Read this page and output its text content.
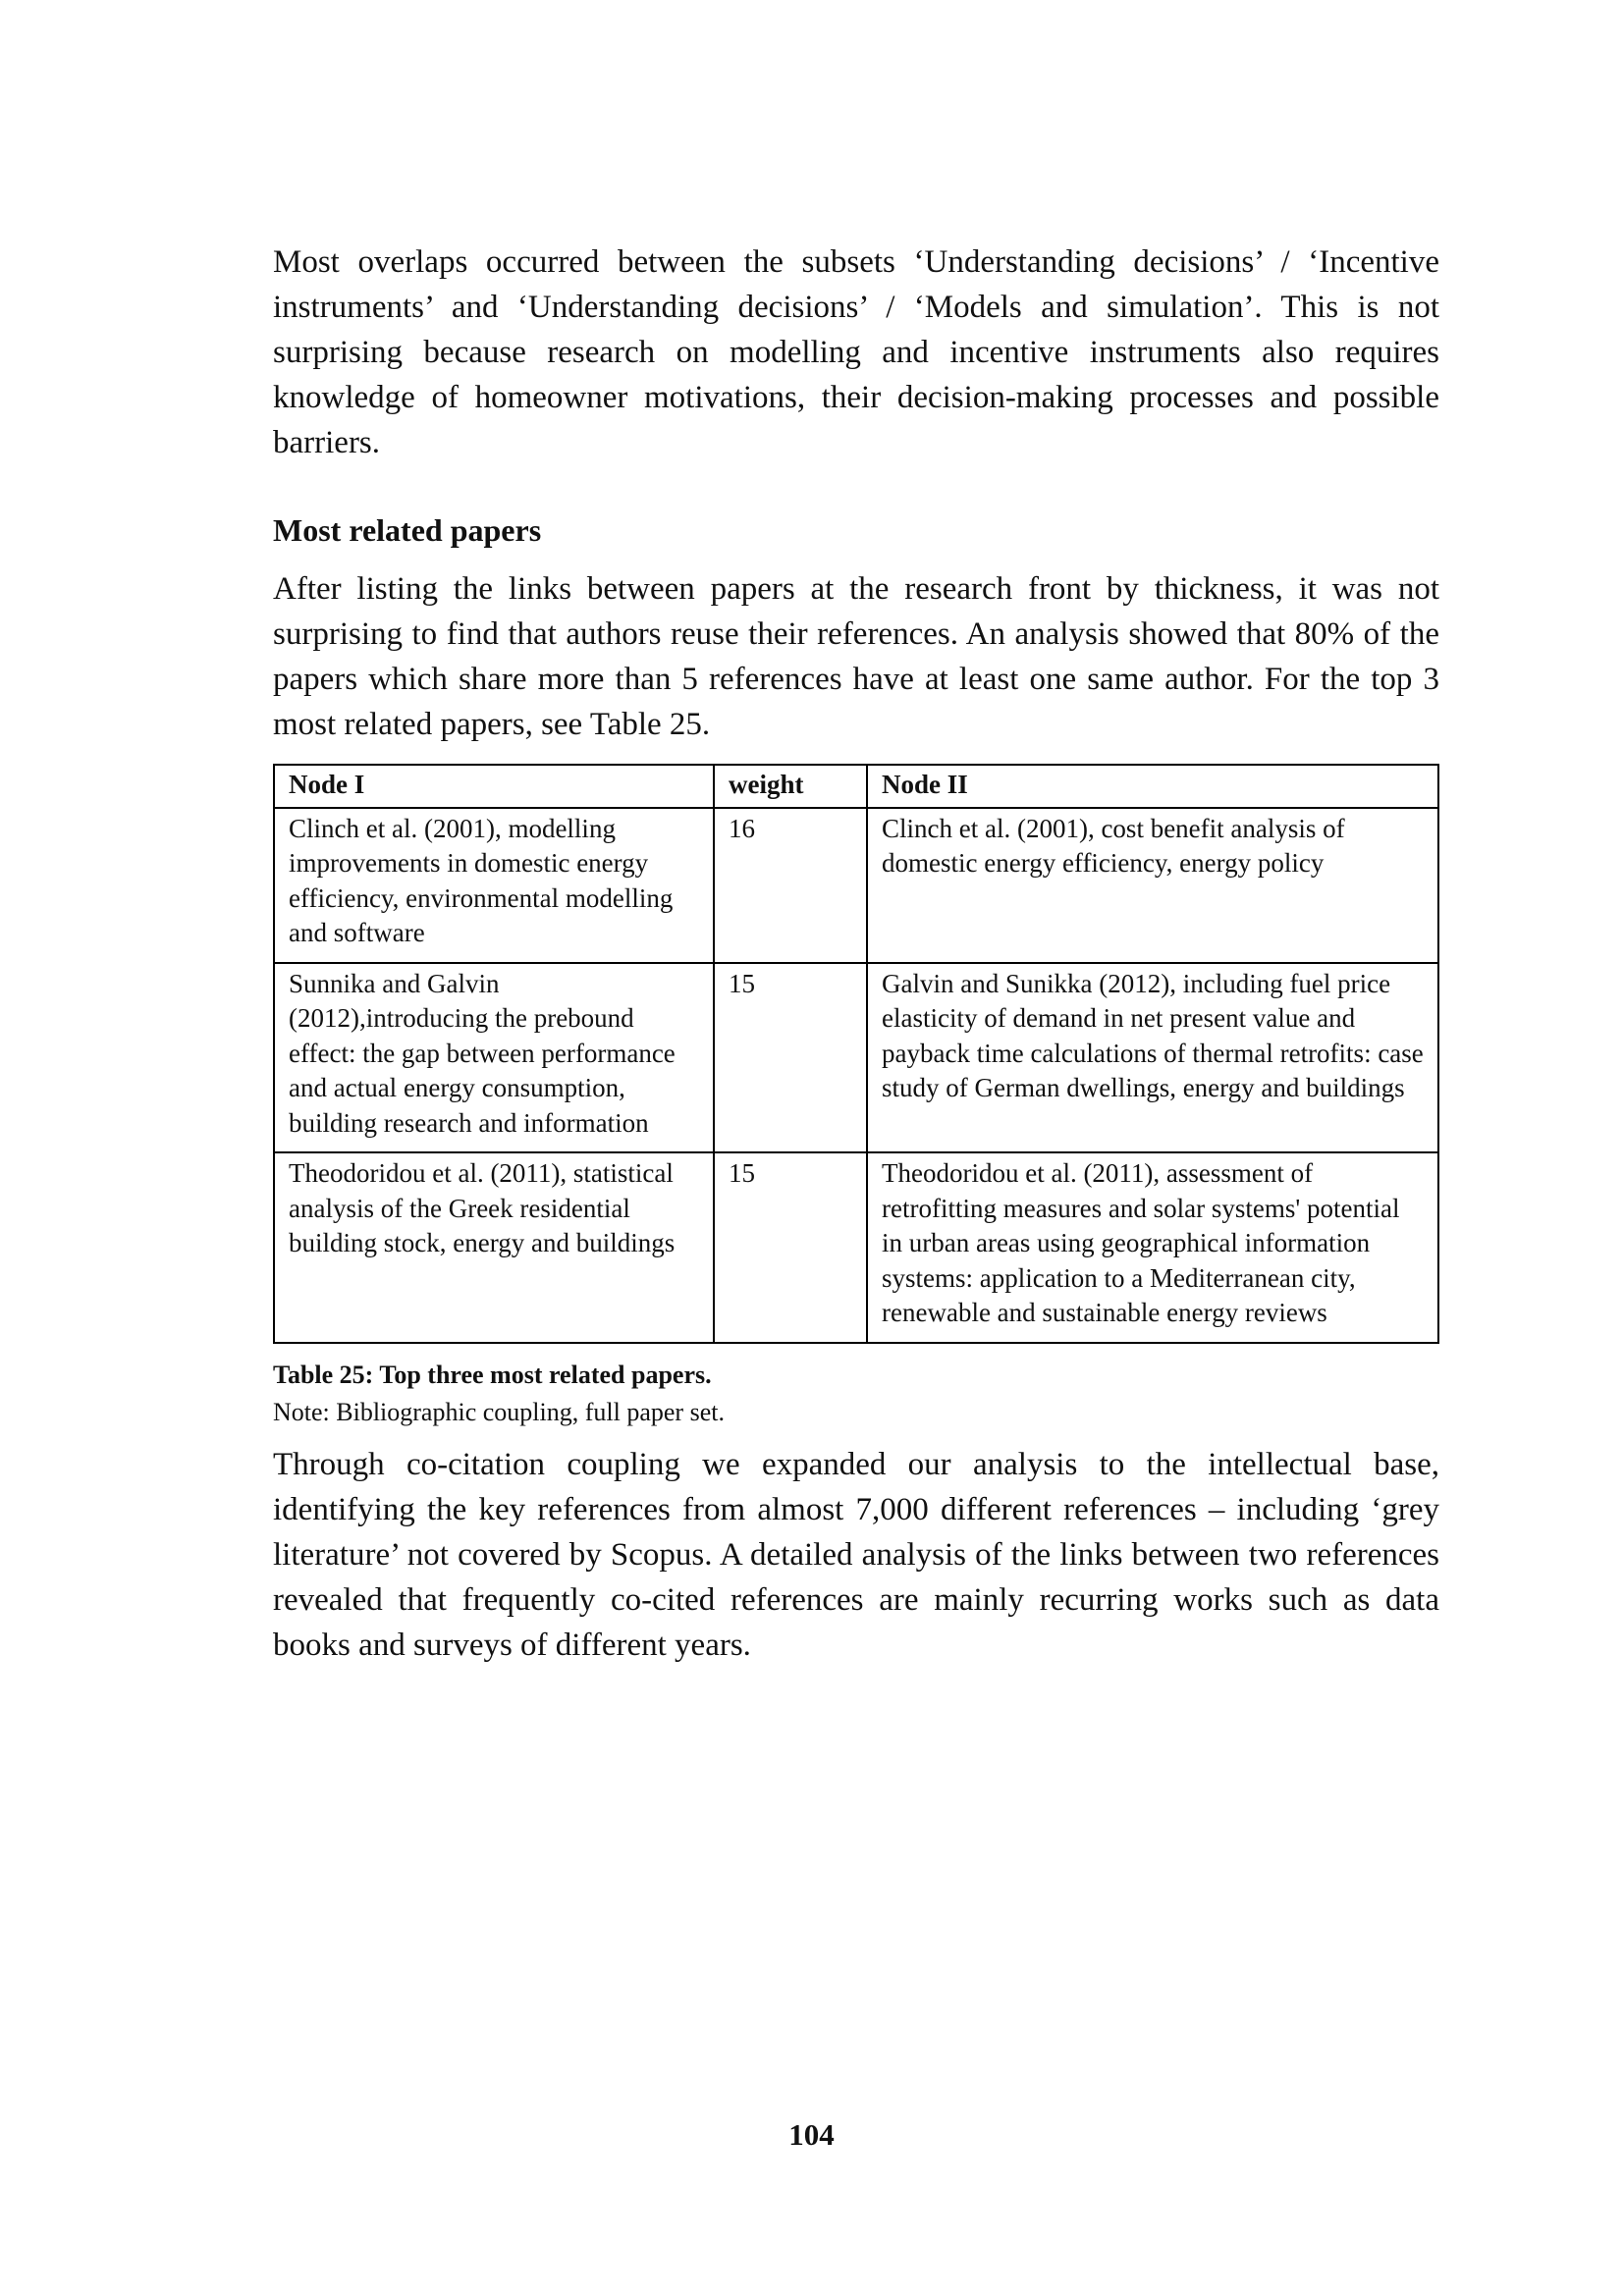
Most overlaps occurred between the subsets ‘Understanding decisions’ / ‘Incentive instruments’ and ‘Understanding decisions’ / ‘Models and simulation’. This is not surprising because research on modelling and incentive instruments also requires knowledge of homeowner motivations, their decision-making processes and possible barriers.

Most related papers

After listing the links between papers at the research front by thickness, it was not surprising to find that authors reuse their references. An analysis showed that 80% of the papers which share more than 5 references have at least one same author. For the top 3 most related papers, see Table 25.

Node I	weight	Node II
Clinch et al. (2001), modelling improvements in domestic energy efficiency, environmental modelling and software	16	Clinch et al. (2001), cost benefit analysis of domestic energy efficiency, energy policy
Sunnika and Galvin (2012),introducing the prebound effect: the gap between performance and actual energy consumption, building research and information	15	Galvin and Sunikka (2012), including fuel price elasticity of demand in net present value and payback time calculations of thermal retrofits: case study of German dwellings, energy and buildings
Theodoridou et al. (2011), statistical analysis of the Greek residential building stock, energy and buildings	15	Theodoridou et al. (2011), assessment of retrofitting measures and solar systems' potential in urban areas using geographical information systems: application to a Mediterranean city, renewable and sustainable energy reviews

Table 25: Top three most related papers.

Note: Bibliographic coupling, full paper set.

Through co-citation coupling we expanded our analysis to the intellectual base, identifying the key references from almost 7,000 different references – including ‘grey literature’ not covered by Scopus. A detailed analysis of the links between two references revealed that frequently co-cited references are mainly recurring works such as data books and surveys of different years.

104
